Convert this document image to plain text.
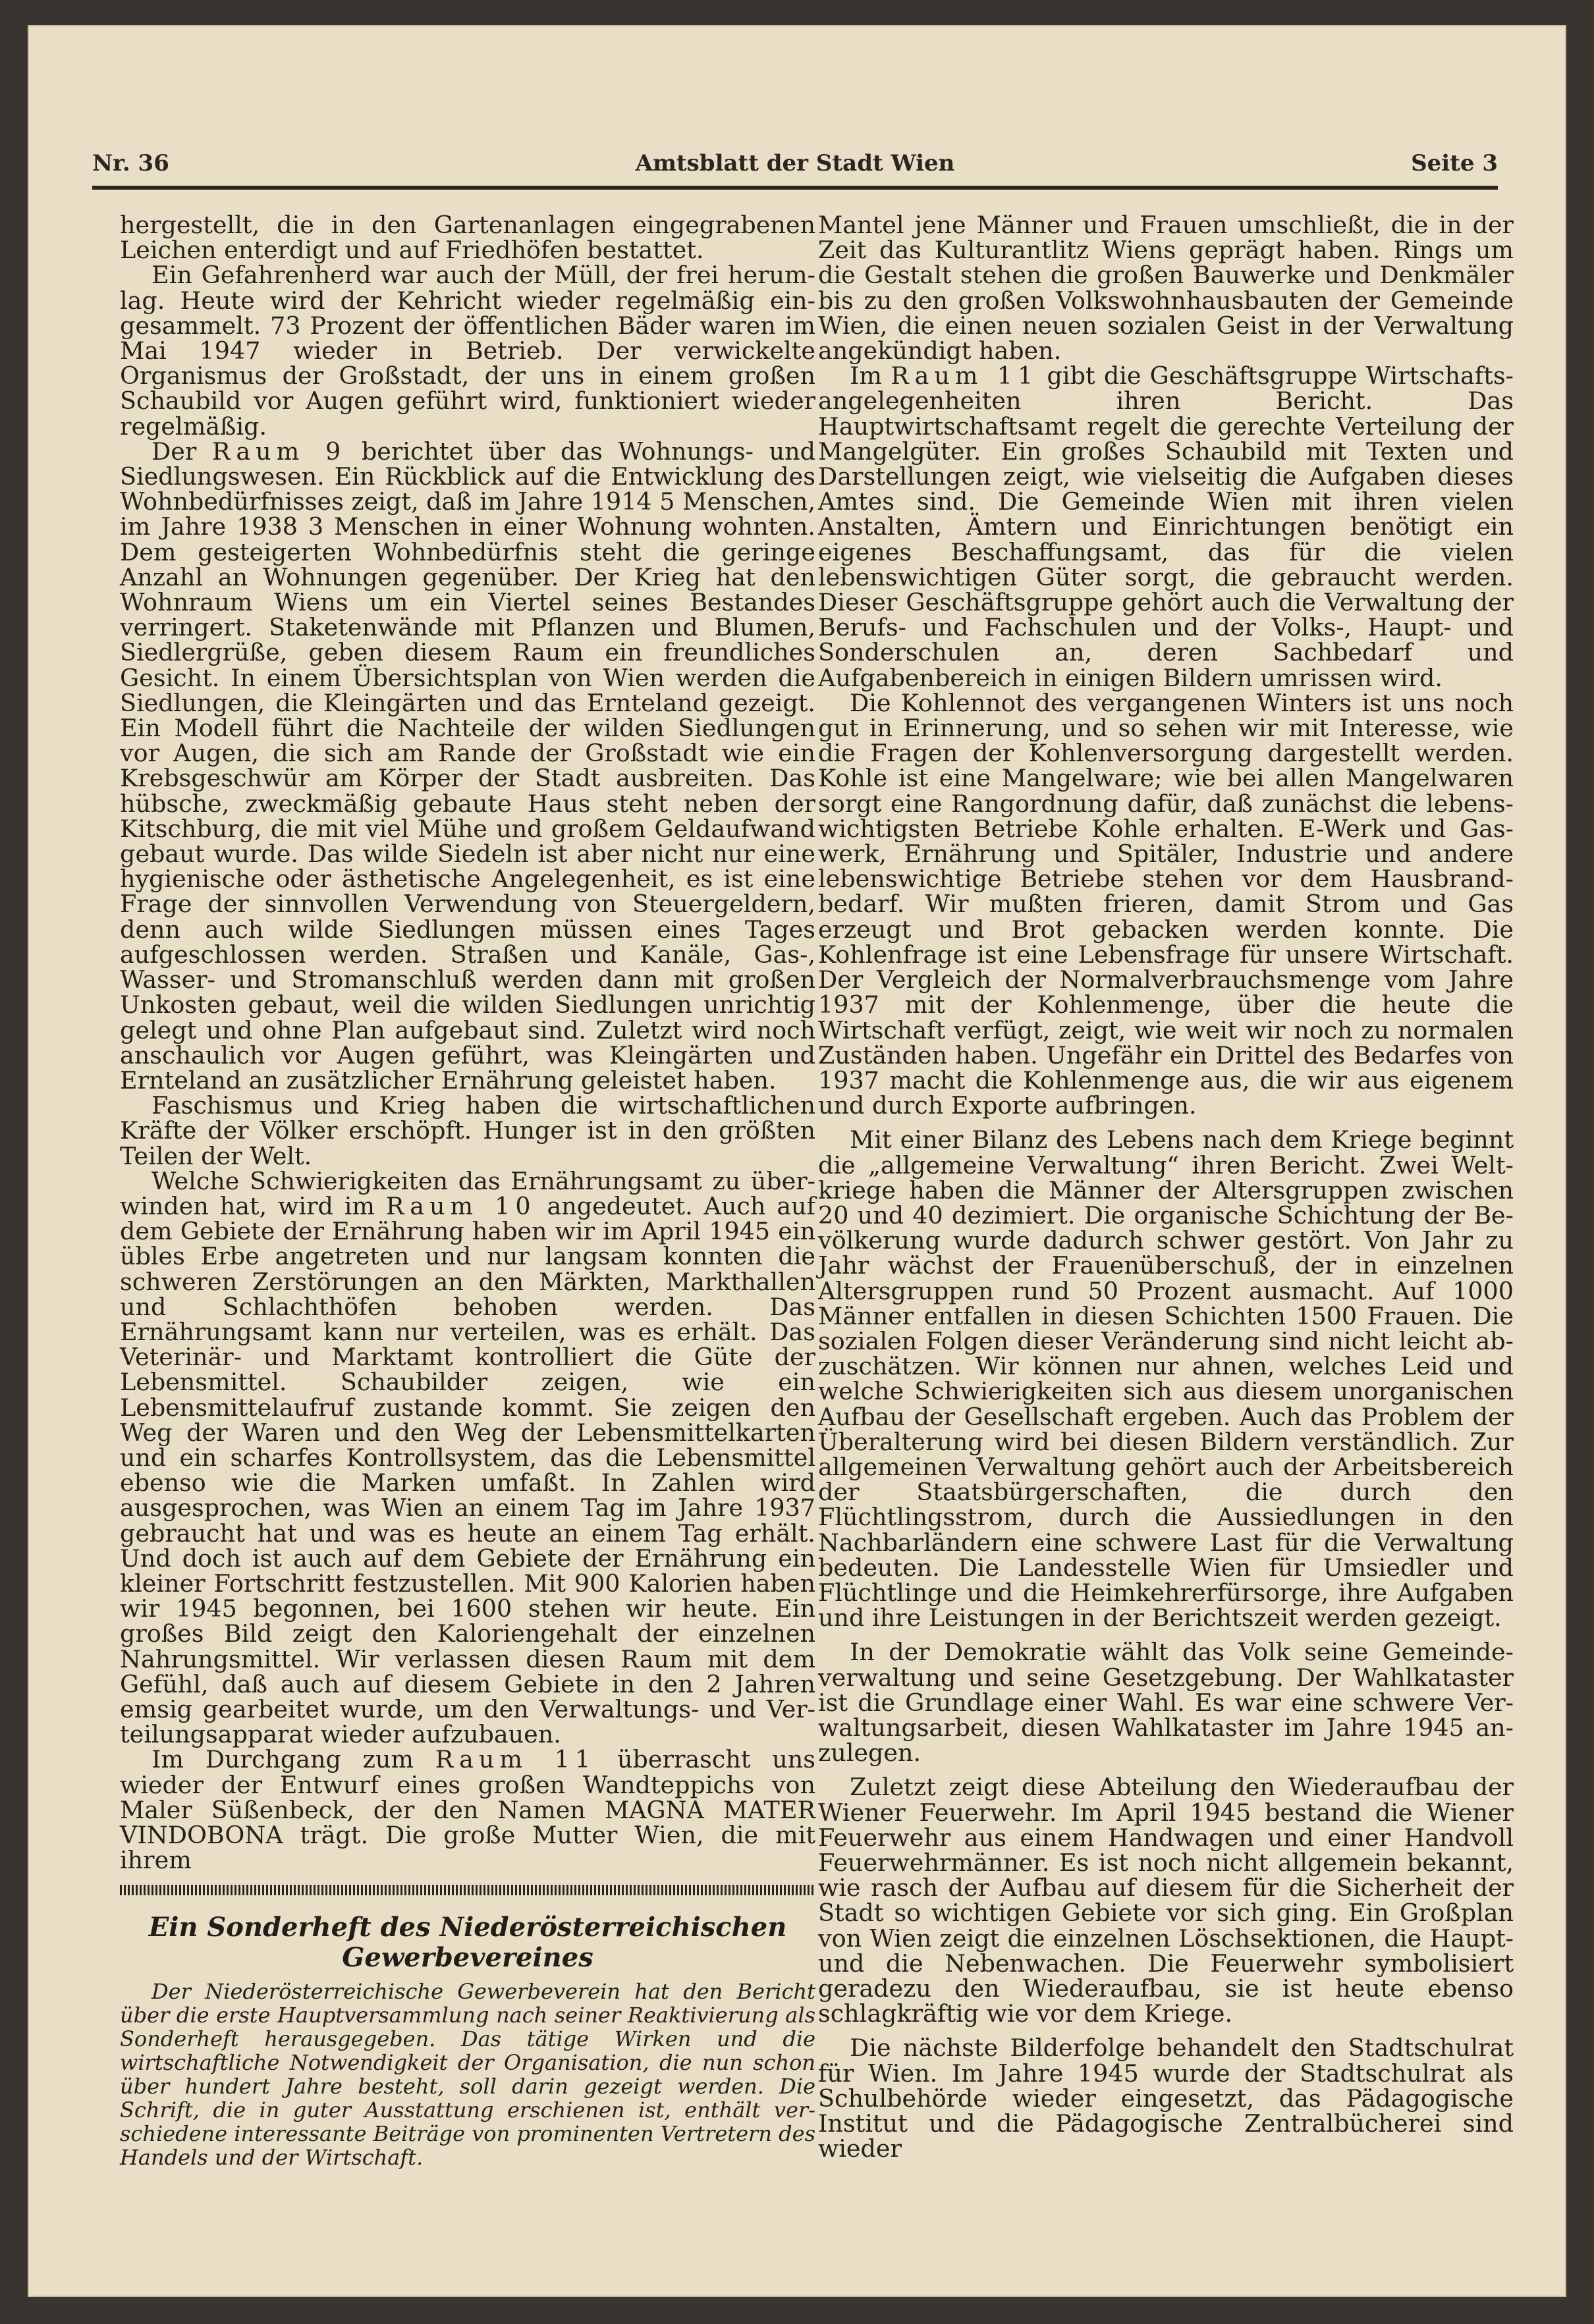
Nr. 36	Amtsblatt der Stadt Wien	Seite 3

hergestellt, die in den Gartenanlagen eingegrabenen Leichen enterdigt und auf Friedhöfen bestattet.

Ein Gefahrenherd war auch der Müll, der frei herumlag. Heute wird der Kehricht wieder regelmäßig eingesammelt. 73 Prozent der öffentlichen Bäder waren im Mai 1947 wieder in Betrieb. Der verwickelte Organismus der Großstadt, der uns in einem großen Schaubild vor Augen geführt wird, funktioniert wieder regelmäßig.

Der Raum 9 berichtet über das Wohnungs- und Siedlungswesen. Ein Rückblick auf die Entwicklung des Wohnbedürfnisses zeigt, daß im Jahre 1914 5 Menschen, im Jahre 1938 3 Menschen in einer Wohnung wohnten. Dem gesteigerten Wohnbedürfnis steht die geringe Anzahl an Wohnungen gegenüber. Der Krieg hat den Wohnraum Wiens um ein Viertel seines Bestandes verringert. Staketenwände mit Pflanzen und Blumen, Siedlergrüße, geben diesem Raum ein freundliches Gesicht. In einem Übersichtsplan von Wien werden die Siedlungen, die Kleingärten und das Ernteland gezeigt. Ein Modell führt die Nachteile der wilden Siedlungen vor Augen, die sich am Rande der Großstadt wie ein Krebsgeschwür am Körper der Stadt ausbreiten. Das hübsche, zweckmäßig gebaute Haus steht neben der Kitschburg, die mit viel Mühe und großem Geldaufwand gebaut wurde. Das wilde Siedeln ist aber nicht nur eine hygienische oder ästhetische Angelegenheit, es ist eine Frage der sinnvollen Verwendung von Steuergeldern, denn auch wilde Siedlungen müssen eines Tages aufgeschlossen werden. Straßen und Kanäle, Gas-, Wasser- und Stromanschluß werden dann mit großen Unkosten gebaut, weil die wilden Siedlungen unrichtig gelegt und ohne Plan aufgebaut sind. Zuletzt wird noch anschaulich vor Augen geführt, was Kleingärten und Ernteland an zusätzlicher Ernährung geleistet haben.

Faschismus und Krieg haben die wirtschaftlichen Kräfte der Völker erschöpft. Hunger ist in den größten Teilen der Welt.

Welche Schwierigkeiten das Ernährungsamt zu überwinden hat, wird im Raum 10 angedeutet. Auch auf dem Gebiete der Ernährung haben wir im April 1945 ein übles Erbe angetreten und nur langsam konnten die schweren Zerstörungen an den Märkten, Markthallen und Schlachthöfen behoben werden. Das Ernährungsamt kann nur verteilen, was es erhält. Das Veterinär- und Marktamt kontrolliert die Güte der Lebensmittel. Schaubilder zeigen, wie ein Lebensmittelaufruf zustande kommt. Sie zeigen den Weg der Waren und den Weg der Lebensmittelkarten und ein scharfes Kontrollsystem, das die Lebensmittel ebenso wie die Marken umfaßt. In Zahlen wird ausgesprochen, was Wien an einem Tag im Jahre 1937 gebraucht hat und was es heute an einem Tag erhält. Und doch ist auch auf dem Gebiete der Ernährung ein kleiner Fortschritt festzustellen. Mit 900 Kalorien haben wir 1945 begonnen, bei 1600 stehen wir heute. Ein großes Bild zeigt den Kaloriengehalt der einzelnen Nahrungsmittel. Wir verlassen diesen Raum mit dem Gefühl, daß auch auf diesem Gebiete in den 2 Jahren emsig gearbeitet wurde, um den Verwaltungs- und Verteilungsapparat wieder aufzubauen.

Im Durchgang zum Raum 11 überrascht uns wieder der Entwurf eines großen Wandteppichs von Maler Süßenbeck, der den Namen MAGNA MATER VINDOBONA trägt. Die große Mutter Wien, die mit ihrem

Ein Sonderheft des Niederösterreichischen Gewerbevereines

Der Niederösterreichische Gewerbeverein hat den Bericht über die erste Hauptversammlung nach seiner Reaktivierung als Sonderheft herausgegeben. Das tätige Wirken und die wirtschaftliche Notwendigkeit der Organisation, die nun schon über hundert Jahre besteht, soll darin gezeigt werden. Die Schrift, die in guter Ausstattung erschienen ist, enthält verschiedene interessante Beiträge von prominenten Vertretern des Handels und der Wirtschaft.

Mantel jene Männer und Frauen umschließt, die in der Zeit das Kulturantlitz Wiens geprägt haben. Rings um die Gestalt stehen die großen Bauwerke und Denkmäler bis zu den großen Volkswohnhausbauten der Gemeinde Wien, die einen neuen sozialen Geist in der Verwaltung angekündigt haben.

Im Raum 11 gibt die Geschäftsgruppe Wirtschaftsangelegenheiten ihren Bericht. Das Hauptwirtschaftsamt regelt die gerechte Verteilung der Mangelgüter. Ein großes Schaubild mit Texten und Darstellungen zeigt, wie vielseitig die Aufgaben dieses Amtes sind. Die Gemeinde Wien mit ihren vielen Anstalten, Ämtern und Einrichtungen benötigt ein eigenes Beschaffungsamt, das für die vielen lebenswichtigen Güter sorgt, die gebraucht werden. Dieser Geschäftsgruppe gehört auch die Verwaltung der Berufs- und Fachschulen und der Volks-, Haupt- und Sonderschulen an, deren Sachbedarf und Aufgabenbereich in einigen Bildern umrissen wird.

Die Kohlennot des vergangenen Winters ist uns noch gut in Erinnerung, und so sehen wir mit Interesse, wie die Fragen der Kohlenversorgung dargestellt werden. Kohle ist eine Mangelware; wie bei allen Mangelwaren sorgt eine Rangordnung dafür, daß zunächst die lebenswichtigsten Betriebe Kohle erhalten. E-Werk und Gaswerk, Ernährung und Spitäler, Industrie und andere lebenswichtige Betriebe stehen vor dem Hausbrandbedarf. Wir mußten frieren, damit Strom und Gas erzeugt und Brot gebacken werden konnte. Die Kohlenfrage ist eine Lebensfrage für unsere Wirtschaft. Der Vergleich der Normalverbrauchsmenge vom Jahre 1937 mit der Kohlenmenge, über die heute die Wirtschaft verfügt, zeigt, wie weit wir noch zu normalen Zuständen haben. Ungefähr ein Drittel des Bedarfes von 1937 macht die Kohlenmenge aus, die wir aus eigenem und durch Exporte aufbringen.

Mit einer Bilanz des Lebens nach dem Kriege beginnt die „allgemeine Verwaltung“ ihren Bericht. Zwei Weltkriege haben die Männer der Altersgruppen zwischen 20 und 40 dezimiert. Die organische Schichtung der Bevölkerung wurde dadurch schwer gestört. Von Jahr zu Jahr wächst der Frauenüberschuß, der in einzelnen Altersgruppen rund 50 Prozent ausmacht. Auf 1000 Männer entfallen in diesen Schichten 1500 Frauen. Die sozialen Folgen dieser Veränderung sind nicht leicht abzuschätzen. Wir können nur ahnen, welches Leid und welche Schwierigkeiten sich aus diesem unorganischen Aufbau der Gesellschaft ergeben. Auch das Problem der Überalterung wird bei diesen Bildern verständlich. Zur allgemeinen Verwaltung gehört auch der Arbeitsbereich der Staatsbürgerschaften, die durch den Flüchtlingsstrom, durch die Aussiedlungen in den Nachbarländern eine schwere Last für die Verwaltung bedeuten. Die Landesstelle Wien für Umsiedler und Flüchtlinge und die Heimkehrerfürsorge, ihre Aufgaben und ihre Leistungen in der Berichtszeit werden gezeigt.

In der Demokratie wählt das Volk seine Gemeindeverwaltung und seine Gesetzgebung. Der Wahlkataster ist die Grundlage einer Wahl. Es war eine schwere Verwaltungsarbeit, diesen Wahlkataster im Jahre 1945 anzulegen.

Zuletzt zeigt diese Abteilung den Wiederaufbau der Wiener Feuerwehr. Im April 1945 bestand die Wiener Feuerwehr aus einem Handwagen und einer Handvoll Feuerwehrmänner. Es ist noch nicht allgemein bekannt, wie rasch der Aufbau auf diesem für die Sicherheit der Stadt so wichtigen Gebiete vor sich ging. Ein Großplan von Wien zeigt die einzelnen Löschsektionen, die Haupt- und die Nebenwachen. Die Feuerwehr symbolisiert geradezu den Wiederaufbau, sie ist heute ebenso schlagkräftig wie vor dem Kriege.

Die nächste Bilderfolge behandelt den Stadtschulrat für Wien. Im Jahre 1945 wurde der Stadtschulrat als Schulbehörde wieder eingesetzt, das Pädagogische Institut und die Pädagogische Zentralbücherei sind wieder
